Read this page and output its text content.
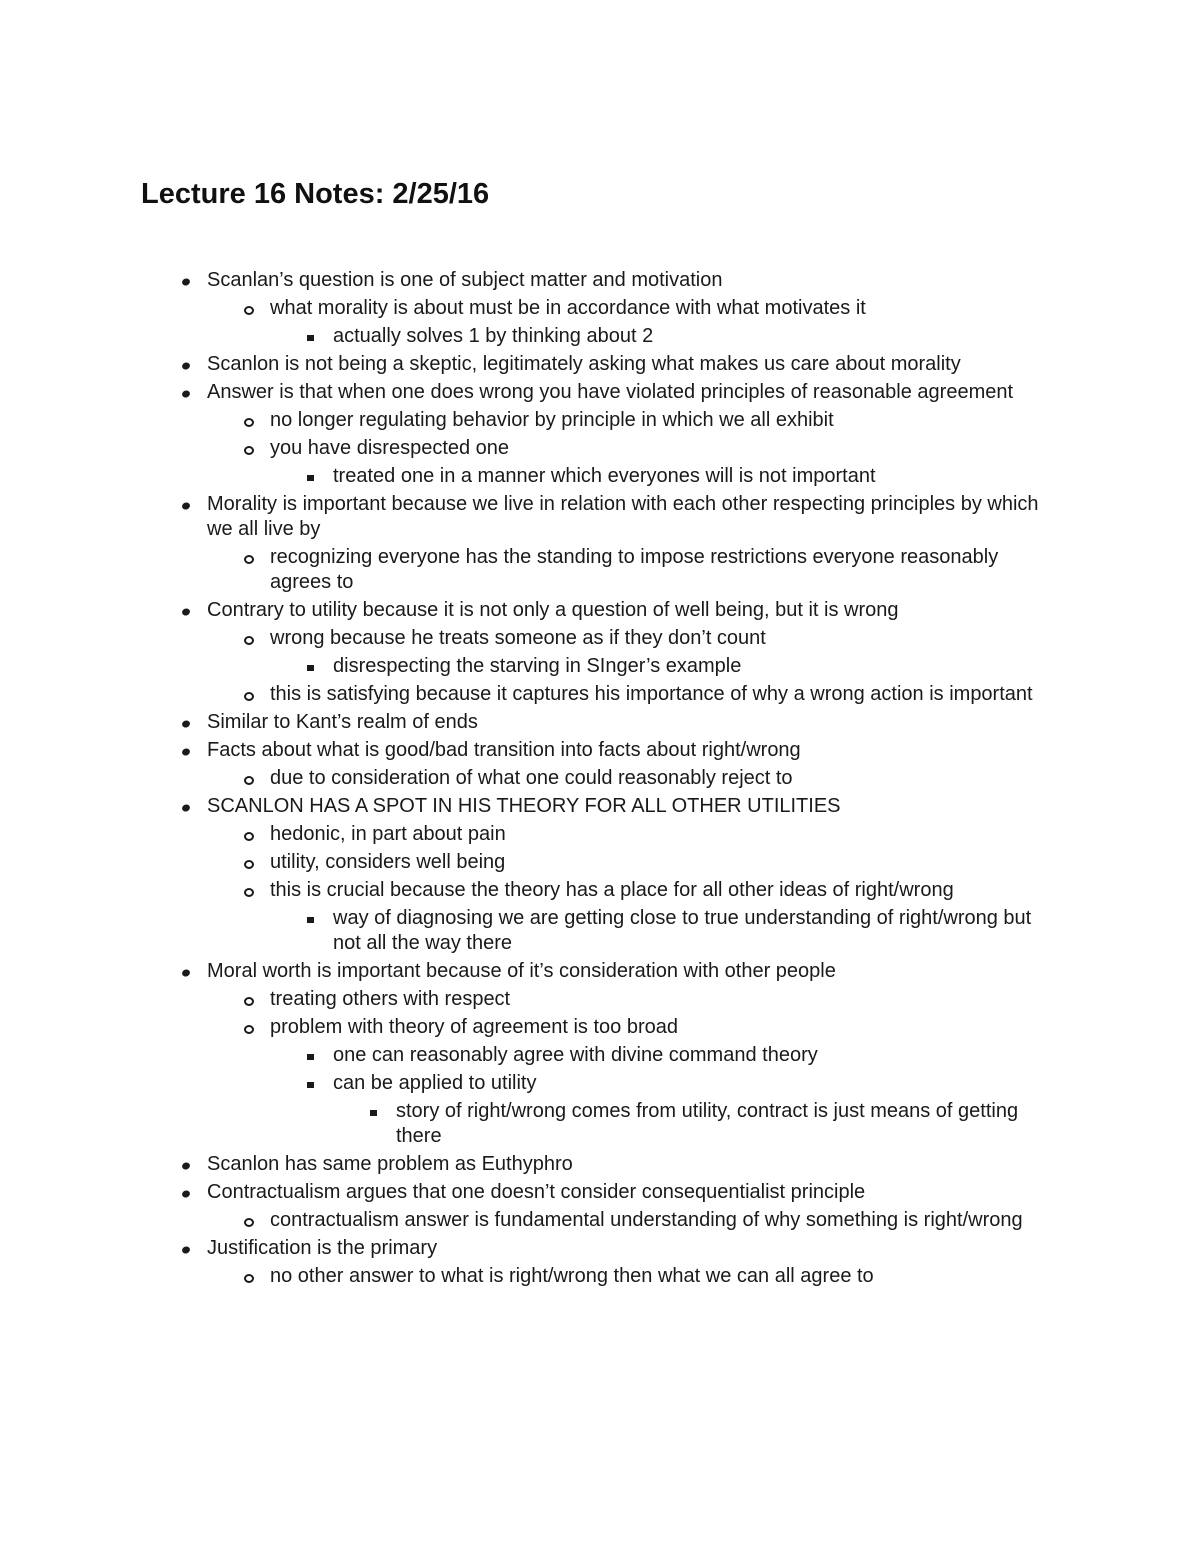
Lecture 16 Notes: 2/25/16
Scanlan’s question is one of subject matter and motivation
what morality is about must be in accordance with what motivates it
actually solves 1 by thinking about 2
Scanlon is not being a skeptic, legitimately asking what makes us care about morality
Answer is that when one does wrong you have violated principles of reasonable agreement
no longer regulating behavior by principle in which we all exhibit
you have disrespected one
treated one in a manner which everyones will is not important
Morality is important because we live in relation with each other respecting principles by which we all live by
recognizing everyone has the standing to impose restrictions everyone reasonably agrees to
Contrary to utility because it is not only a question of well being, but it is wrong
wrong because he treats someone as if they don’t count
disrespecting the starving in SInger’s example
this is satisfying because it captures his importance of why a wrong action is important
Similar to Kant’s realm of ends
Facts about what is good/bad transition into facts about right/wrong
due to consideration of what one could reasonably reject to
SCANLON HAS A SPOT IN HIS THEORY FOR ALL OTHER UTILITIES
hedonic, in part about pain
utility, considers well being
this is crucial because the theory has a place for all other ideas of right/wrong
way of diagnosing we are getting close to true understanding of right/wrong but not all the way there
Moral worth is important because of it’s consideration with other people
treating others with respect
problem with theory of agreement is too broad
one can reasonably agree with divine command theory
can be applied to utility
story of right/wrong comes from utility, contract is just means of getting there
Scanlon has same problem as Euthyphro
Contractualism argues that one doesn’t consider consequentialist principle
contractualism answer is fundamental understanding of why something is right/wrong
Justification is the primary
no other answer to what is right/wrong then what we can all agree to
